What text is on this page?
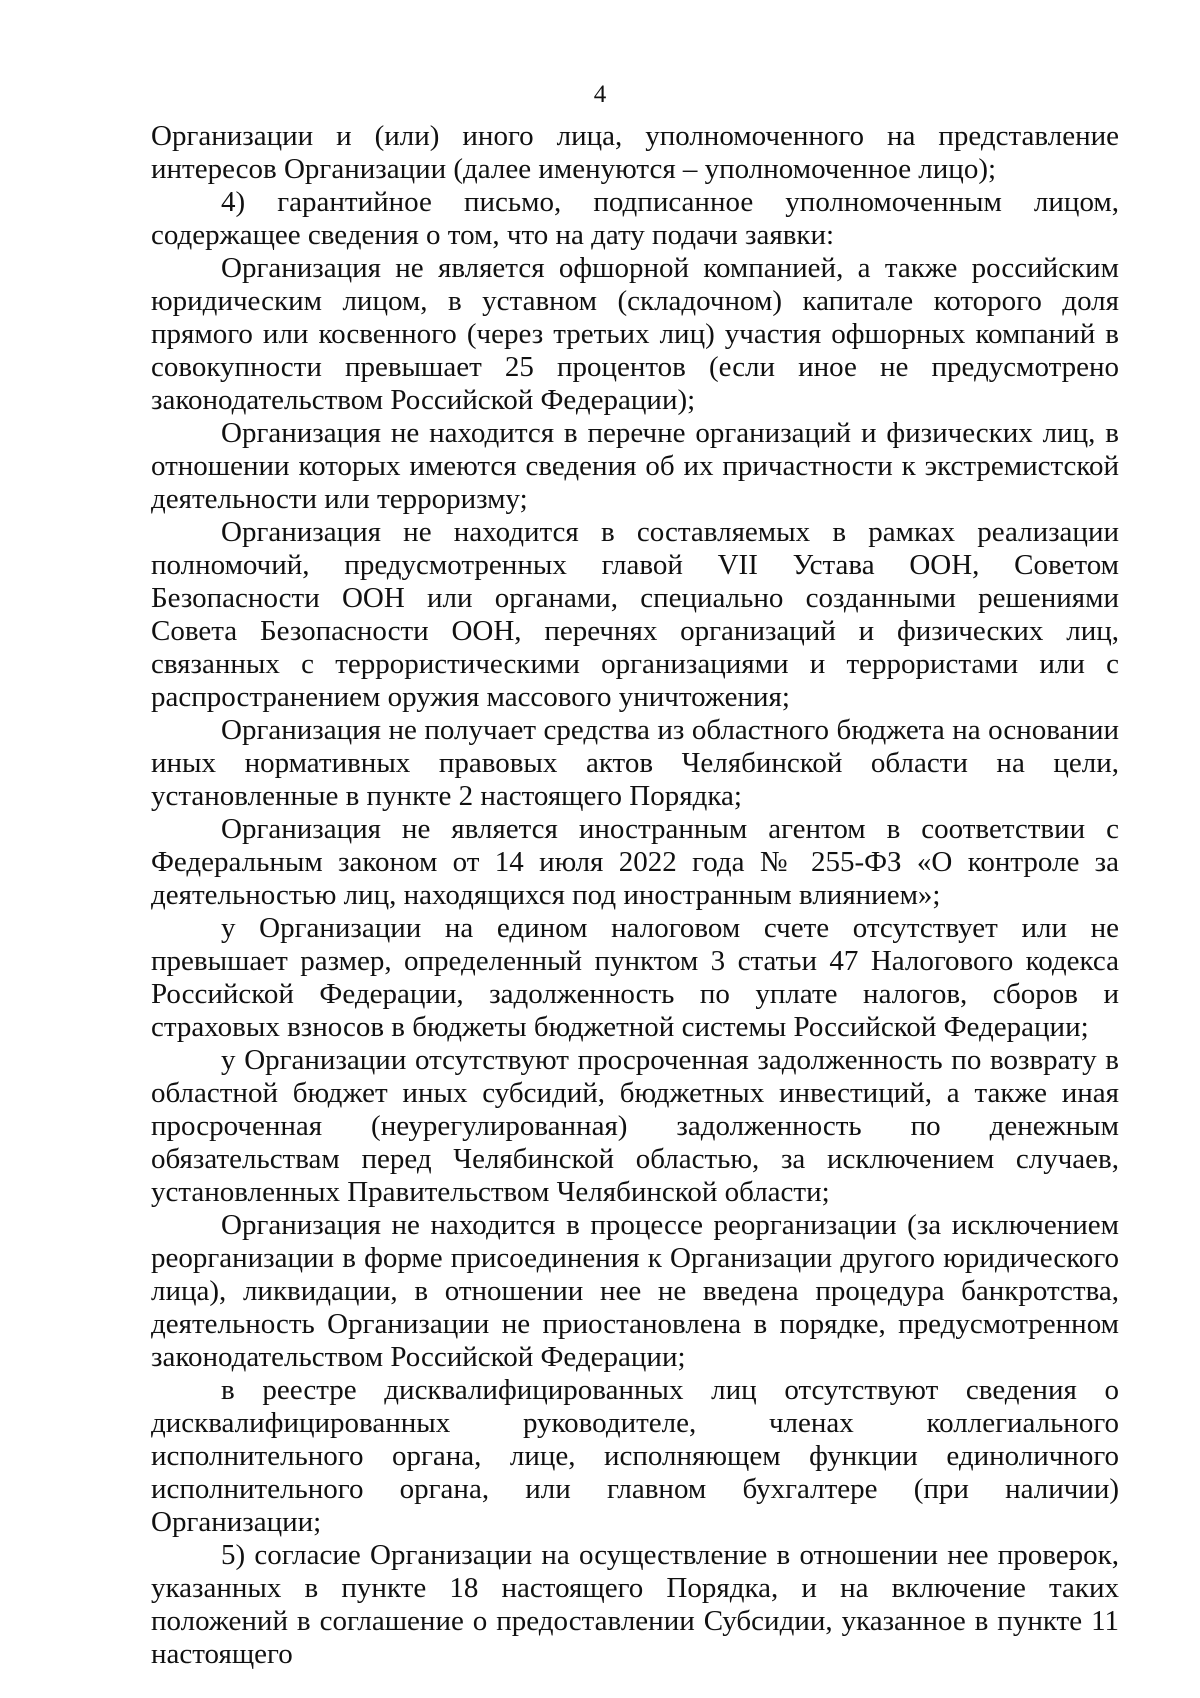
4

Организации и (или) иного лица, уполномоченного на представление интересов Организации (далее именуются – уполномоченное лицо);

4) гарантийное письмо, подписанное уполномоченным лицом, содержащее сведения о том, что на дату подачи заявки:

Организация не является офшорной компанией, а также российским юридическим лицом, в уставном (складочном) капитале которого доля прямого или косвенного (через третьих лиц) участия офшорных компаний в совокупности превышает 25 процентов (если иное не предусмотрено законодательством Российской Федерации);

Организация не находится в перечне организаций и физических лиц, в отношении которых имеются сведения об их причастности к экстремистской деятельности или терроризму;

Организация не находится в составляемых в рамках реализации полномочий, предусмотренных главой VII Устава ООН, Советом Безопасности ООН или органами, специально созданными решениями Совета Безопасности ООН, перечнях организаций и физических лиц, связанных с террористическими организациями и террористами или с распространением оружия массового уничтожения;

Организация не получает средства из областного бюджета на основании иных нормативных правовых актов Челябинской области на цели, установленные в пункте 2 настоящего Порядка;

Организация не является иностранным агентом в соответствии с Федеральным законом от 14 июля 2022 года № 255-ФЗ «О контроле за деятельностью лиц, находящихся под иностранным влиянием»;

у Организации на едином налоговом счете отсутствует или не превышает размер, определенный пунктом 3 статьи 47 Налогового кодекса Российской Федерации, задолженность по уплате налогов, сборов и страховых взносов в бюджеты бюджетной системы Российской Федерации;

у Организации отсутствуют просроченная задолженность по возврату в областной бюджет иных субсидий, бюджетных инвестиций, а также иная просроченная (неурегулированная) задолженность по денежным обязательствам перед Челябинской областью, за исключением случаев, установленных Правительством Челябинской области;

Организация не находится в процессе реорганизации (за исключением реорганизации в форме присоединения к Организации другого юридического лица), ликвидации, в отношении нее не введена процедура банкротства, деятельность Организации не приостановлена в порядке, предусмотренном законодательством Российской Федерации;

в реестре дисквалифицированных лиц отсутствуют сведения о дисквалифицированных руководителе, членах коллегиального исполнительного органа, лице, исполняющем функции единоличного исполнительного органа, или главном бухгалтере (при наличии) Организации;

5) согласие Организации на осуществление в отношении нее проверок, указанных в пункте 18 настоящего Порядка, и на включение таких положений в соглашение о предоставлении Субсидии, указанное в пункте 11 настоящего
